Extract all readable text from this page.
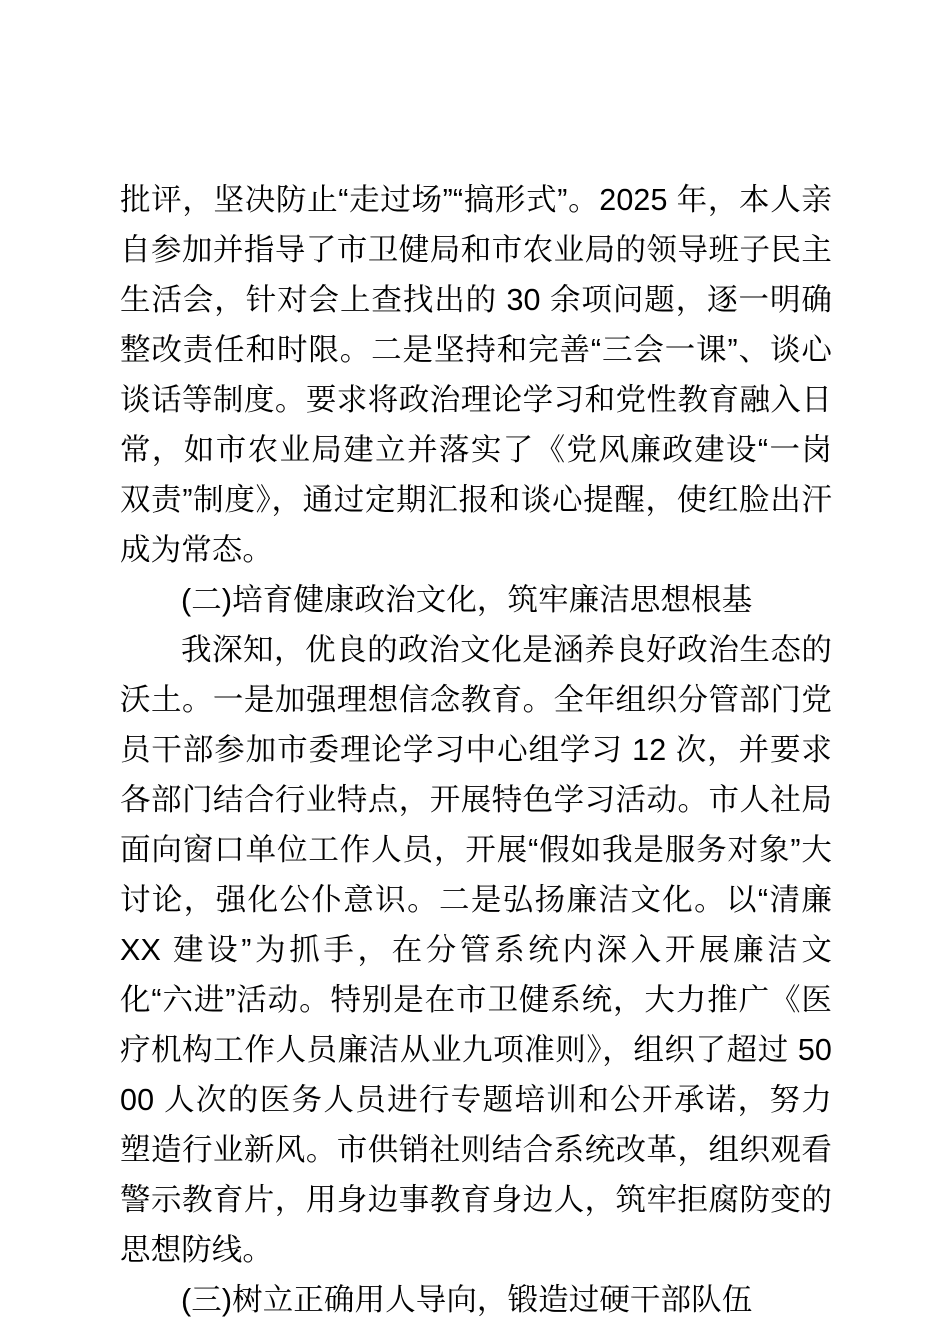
批评，坚决防止“走过场”“搞形式”。2025 年，本人亲自参加并指导了市卫健局和市农业局的领导班子民主生活会，针对会上查找出的 30 余项问题，逐一明确整改责任和时限。二是坚持和完善“三会一课”、谈心谈话等制度。要求将政治理论学习和党性教育融入日常，如市农业局建立并落实了《党风廉政建设“一岗双责”制度》，通过定期汇报和谈心提醒，使红脸出汗成为常态。

(二)培育健康政治文化，筑牢廉洁思想根基

我深知，优良的政治文化是涵养良好政治生态的沃土。一是加强理想信念教育。全年组织分管部门党员干部参加市委理论学习中心组学习 12 次，并要求各部门结合行业特点，开展特色学习活动。市人社局面向窗口单位工作人员，开展“假如我是服务对象”大讨论，强化公仆意识。二是弘扬廉洁文化。以“清廉 XX 建设”为抓手，在分管系统内深入开展廉洁文化“六进”活动。特别是在市卫健系统，大力推广《医疗机构工作人员廉洁从业九项准则》，组织了超过 5000 人次的医务人员进行专题培训和公开承诺，努力塑造行业新风。市供销社则结合系统改革，组织观看警示教育片，用身边事教育身边人，筑牢拒腐防变的思想防线。

(三)树立正确用人导向，锻造过硬干部队伍
